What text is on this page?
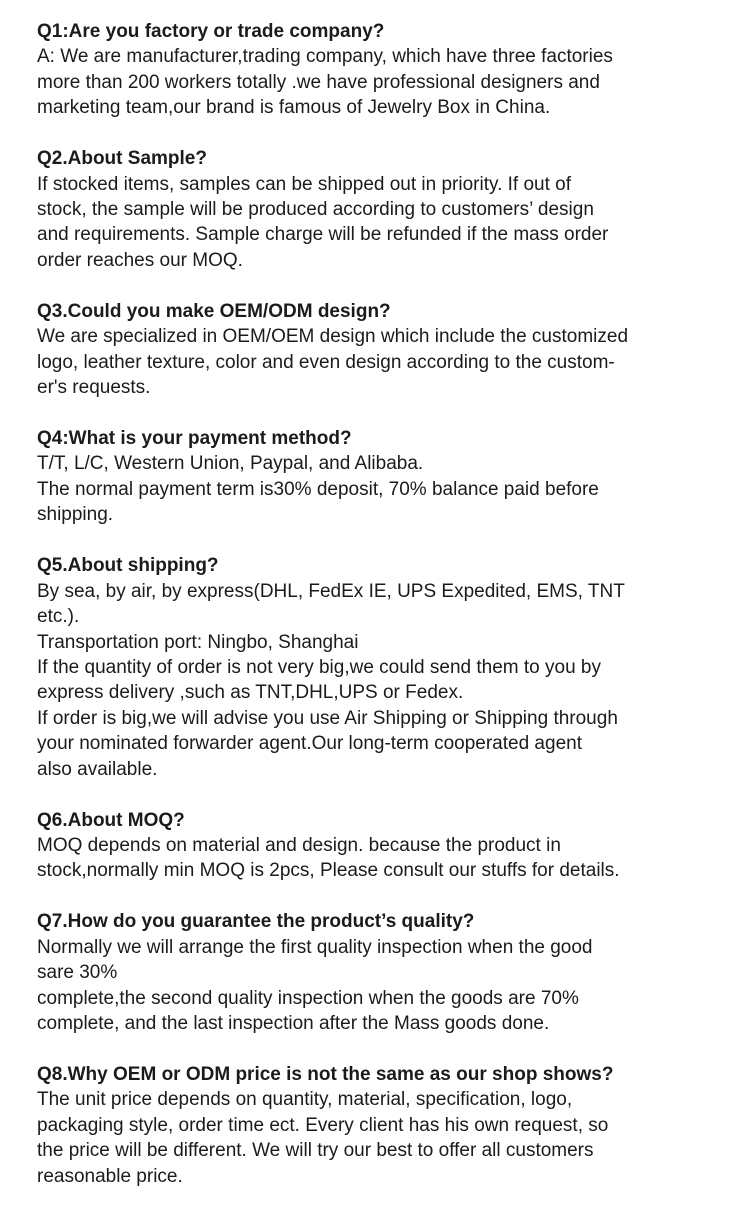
Q1:Are you factory or trade company?
A: We are manufacturer,trading company, which have three factories
more than 200 workers totally .we have professional designers and
marketing team,our brand is famous of Jewelry Box in China.
Q2.About Sample?
If stocked items, samples can be shipped out in priority. If out of
stock, the sample will be produced according to customers’ design
and requirements. Sample charge will be refunded if the mass order
order reaches our MOQ.
Q3.Could you make OEM/ODM design?
We are specialized in OEM/OEM design which include the customized
logo, leather texture, color and even design according to the custom-
er's requests.
Q4:What is your payment method?
T/T, L/C, Western Union, Paypal, and Alibaba.
The normal payment term is30% deposit, 70% balance paid before
shipping.
Q5.About shipping?
By sea, by air, by express(DHL, FedEx IE, UPS Expedited, EMS, TNT
etc.).
Transportation port: Ningbo, Shanghai
If the quantity of order is not very big,we could send them to you by
express delivery ,such as TNT,DHL,UPS or Fedex.
If order is big,we will advise you use Air Shipping or Shipping through
your nominated forwarder agent.Our long-term cooperated agent
also available.
Q6.About MOQ?
MOQ depends on material and design. because the product in
stock,normally min MOQ is 2pcs, Please consult our stuffs for details.
Q7.How do you guarantee the product’s quality?
Normally we will arrange the first quality inspection when the good
sare 30%
complete,the second quality inspection when the goods are 70%
complete, and the last inspection after the Mass goods done.
Q8.Why OEM or ODM price is not the same as our shop shows?
The unit price depends on quantity, material, specification, logo,
packaging style, order time ect. Every client has his own request, so
the price will be different. We will try our best to offer all customers
reasonable price.
